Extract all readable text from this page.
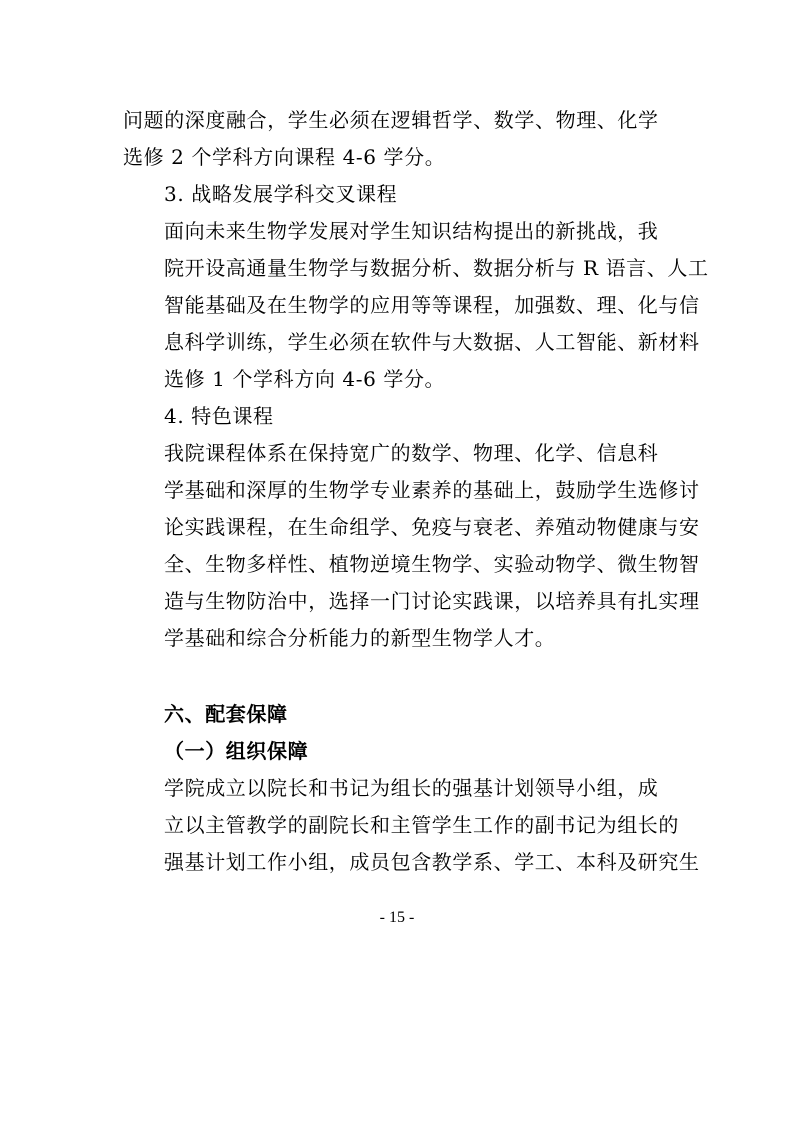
问题的深度融合，学生必须在逻辑哲学、数学、物理、化学
选修 2 个学科方向课程 4-6 学分。

3. 战略发展学科交叉课程

面向未来生物学发展对学生知识结构提出的新挑战，我
院开设高通量生物学与数据分析、数据分析与 R 语言、人工
智能基础及在生物学的应用等等课程，加强数、理、化与信
息科学训练，学生必须在软件与大数据、人工智能、新材料
选修 1 个学科方向 4-6 学分。

4. 特色课程

我院课程体系在保持宽广的数学、物理、化学、信息科
学基础和深厚的生物学专业素养的基础上，鼓励学生选修讨
论实践课程，在生命组学、免疫与衰老、养殖动物健康与安
全、生物多样性、植物逆境生物学、实验动物学、微生物智
造与生物防治中，选择一门讨论实践课，以培养具有扎实理
学基础和综合分析能力的新型生物学人才。

六、配套保障

（一）组织保障

学院成立以院长和书记为组长的强基计划领导小组，成
立以主管教学的副院长和主管学生工作的副书记为组长的
强基计划工作小组，成员包含教学系、学工、本科及研究生

- 15 -
